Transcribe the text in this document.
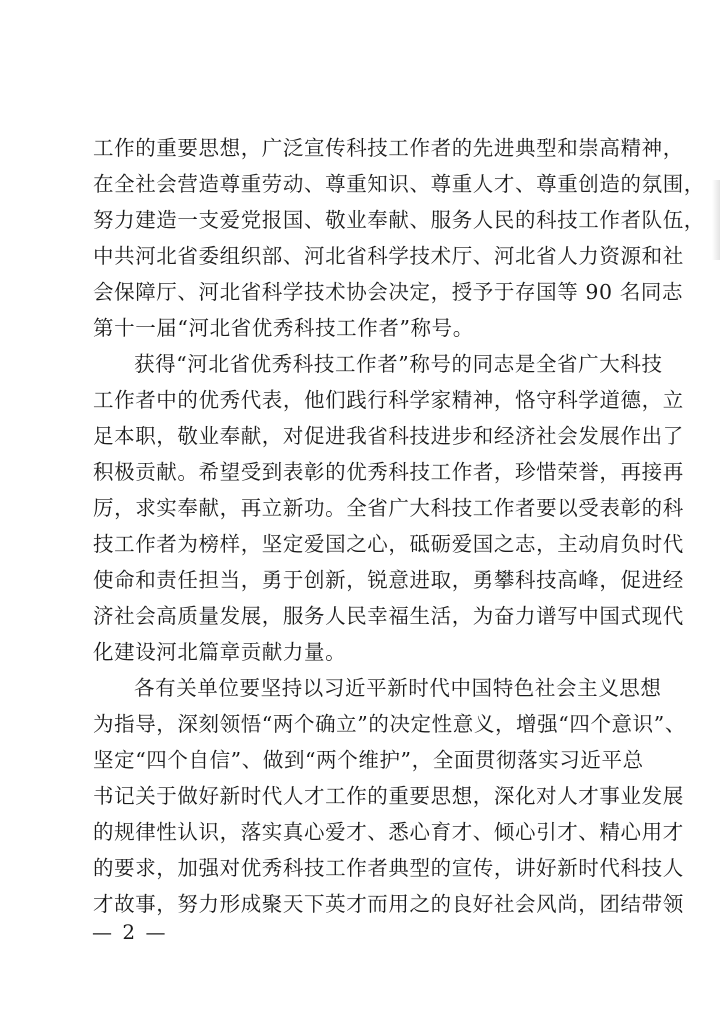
工作的重要思想，广泛宣传科技工作者的先进典型和崇高精神，
在全社会营造尊重劳动、尊重知识、尊重人才、尊重创造的氛围，
努力建造一支爱党报国、敬业奉献、服务人民的科技工作者队伍，
中共河北省委组织部、河北省科学技术厅、河北省人力资源和社
会保障厅、河北省科学技术协会决定，授予于存国等 90 名同志
第十一届“河北省优秀科技工作者”称号。
获得“河北省优秀科技工作者”称号的同志是全省广大科技
工作者中的优秀代表，他们践行科学家精神，恪守科学道德，立
足本职，敬业奉献，对促进我省科技进步和经济社会发展作出了
积极贡献。希望受到表彰的优秀科技工作者，珍惜荣誉，再接再
厉，求实奉献，再立新功。全省广大科技工作者要以受表彰的科
技工作者为榜样，坚定爱国之心，砥砺爱国之志，主动肩负时代
使命和责任担当，勇于创新，锐意进取，勇攀科技高峰，促进经
济社会高质量发展，服务人民幸福生活，为奋力谱写中国式现代
化建设河北篇章贡献力量。
各有关单位要坚持以习近平新时代中国特色社会主义思想
为指导，深刻领悟“两个确立”的决定性意义，增强“四个意识”、
坚定“四个自信”、做到“两个维护”，全面贯彻落实习近平总
书记关于做好新时代人才工作的重要思想，深化对人才事业发展
的规律性认识，落实真心爱才、悉心育才、倾心引才、精心用才
的要求，加强对优秀科技工作者典型的宣传，讲好新时代科技人
才故事，努力形成聚天下英才而用之的良好社会风尚，团结带领
— 2 —
